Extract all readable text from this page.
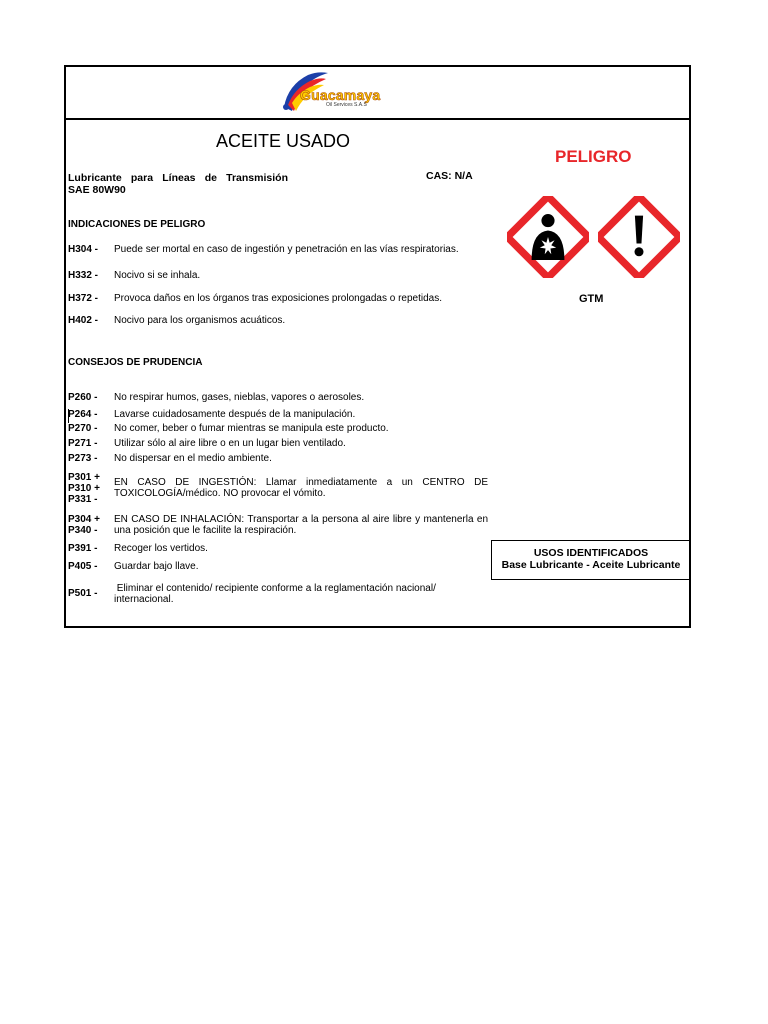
Guacamaya
Oil Services S.A.S
ACEITE USADO
PELIGRO
Lubricante para Líneas de Transmisión
SAE 80W90
CAS: N/A
INDICACIONES DE PELIGRO
H304 - Puede ser mortal en caso de ingestión y penetración en las vías respiratorias.
H332 - Nocivo si se inhala.
H372 - Provoca daños en los órganos tras exposiciones prolongadas o repetidas.
H402 - Nocivo para los organismos acuáticos.
CONSEJOS DE PRUDENCIA
P260 - No respirar humos, gases, nieblas, vapores o aerosoles.
P264 - Lavarse cuidadosamente después de la manipulación.
P270 - No comer, beber o fumar mientras se manipula este producto.
P271 - Utilizar sólo al aire libre o en un lugar bien ventilado.
P273 - No dispersar en el medio ambiente.
P301 +
P310 +
P331 -
EN CASO DE INGESTIÓN: Llamar inmediatamente a un CENTRO DE TOXICOLOGÍA/médico. NO provocar el vómito.
P304 +
P340 -
EN CASO DE INHALACIÓN: Transportar a la persona al aire libre y mantenerla en una posición que le facilite la respiración.
P391 - Recoger los vertidos.
P405 - Guardar bajo llave.
P501 - Eliminar el contenido/ recipiente conforme a la reglamentación nacional/ internacional.
GTM
USOS IDENTIFICADOS
Base Lubricante - Aceite Lubricante
